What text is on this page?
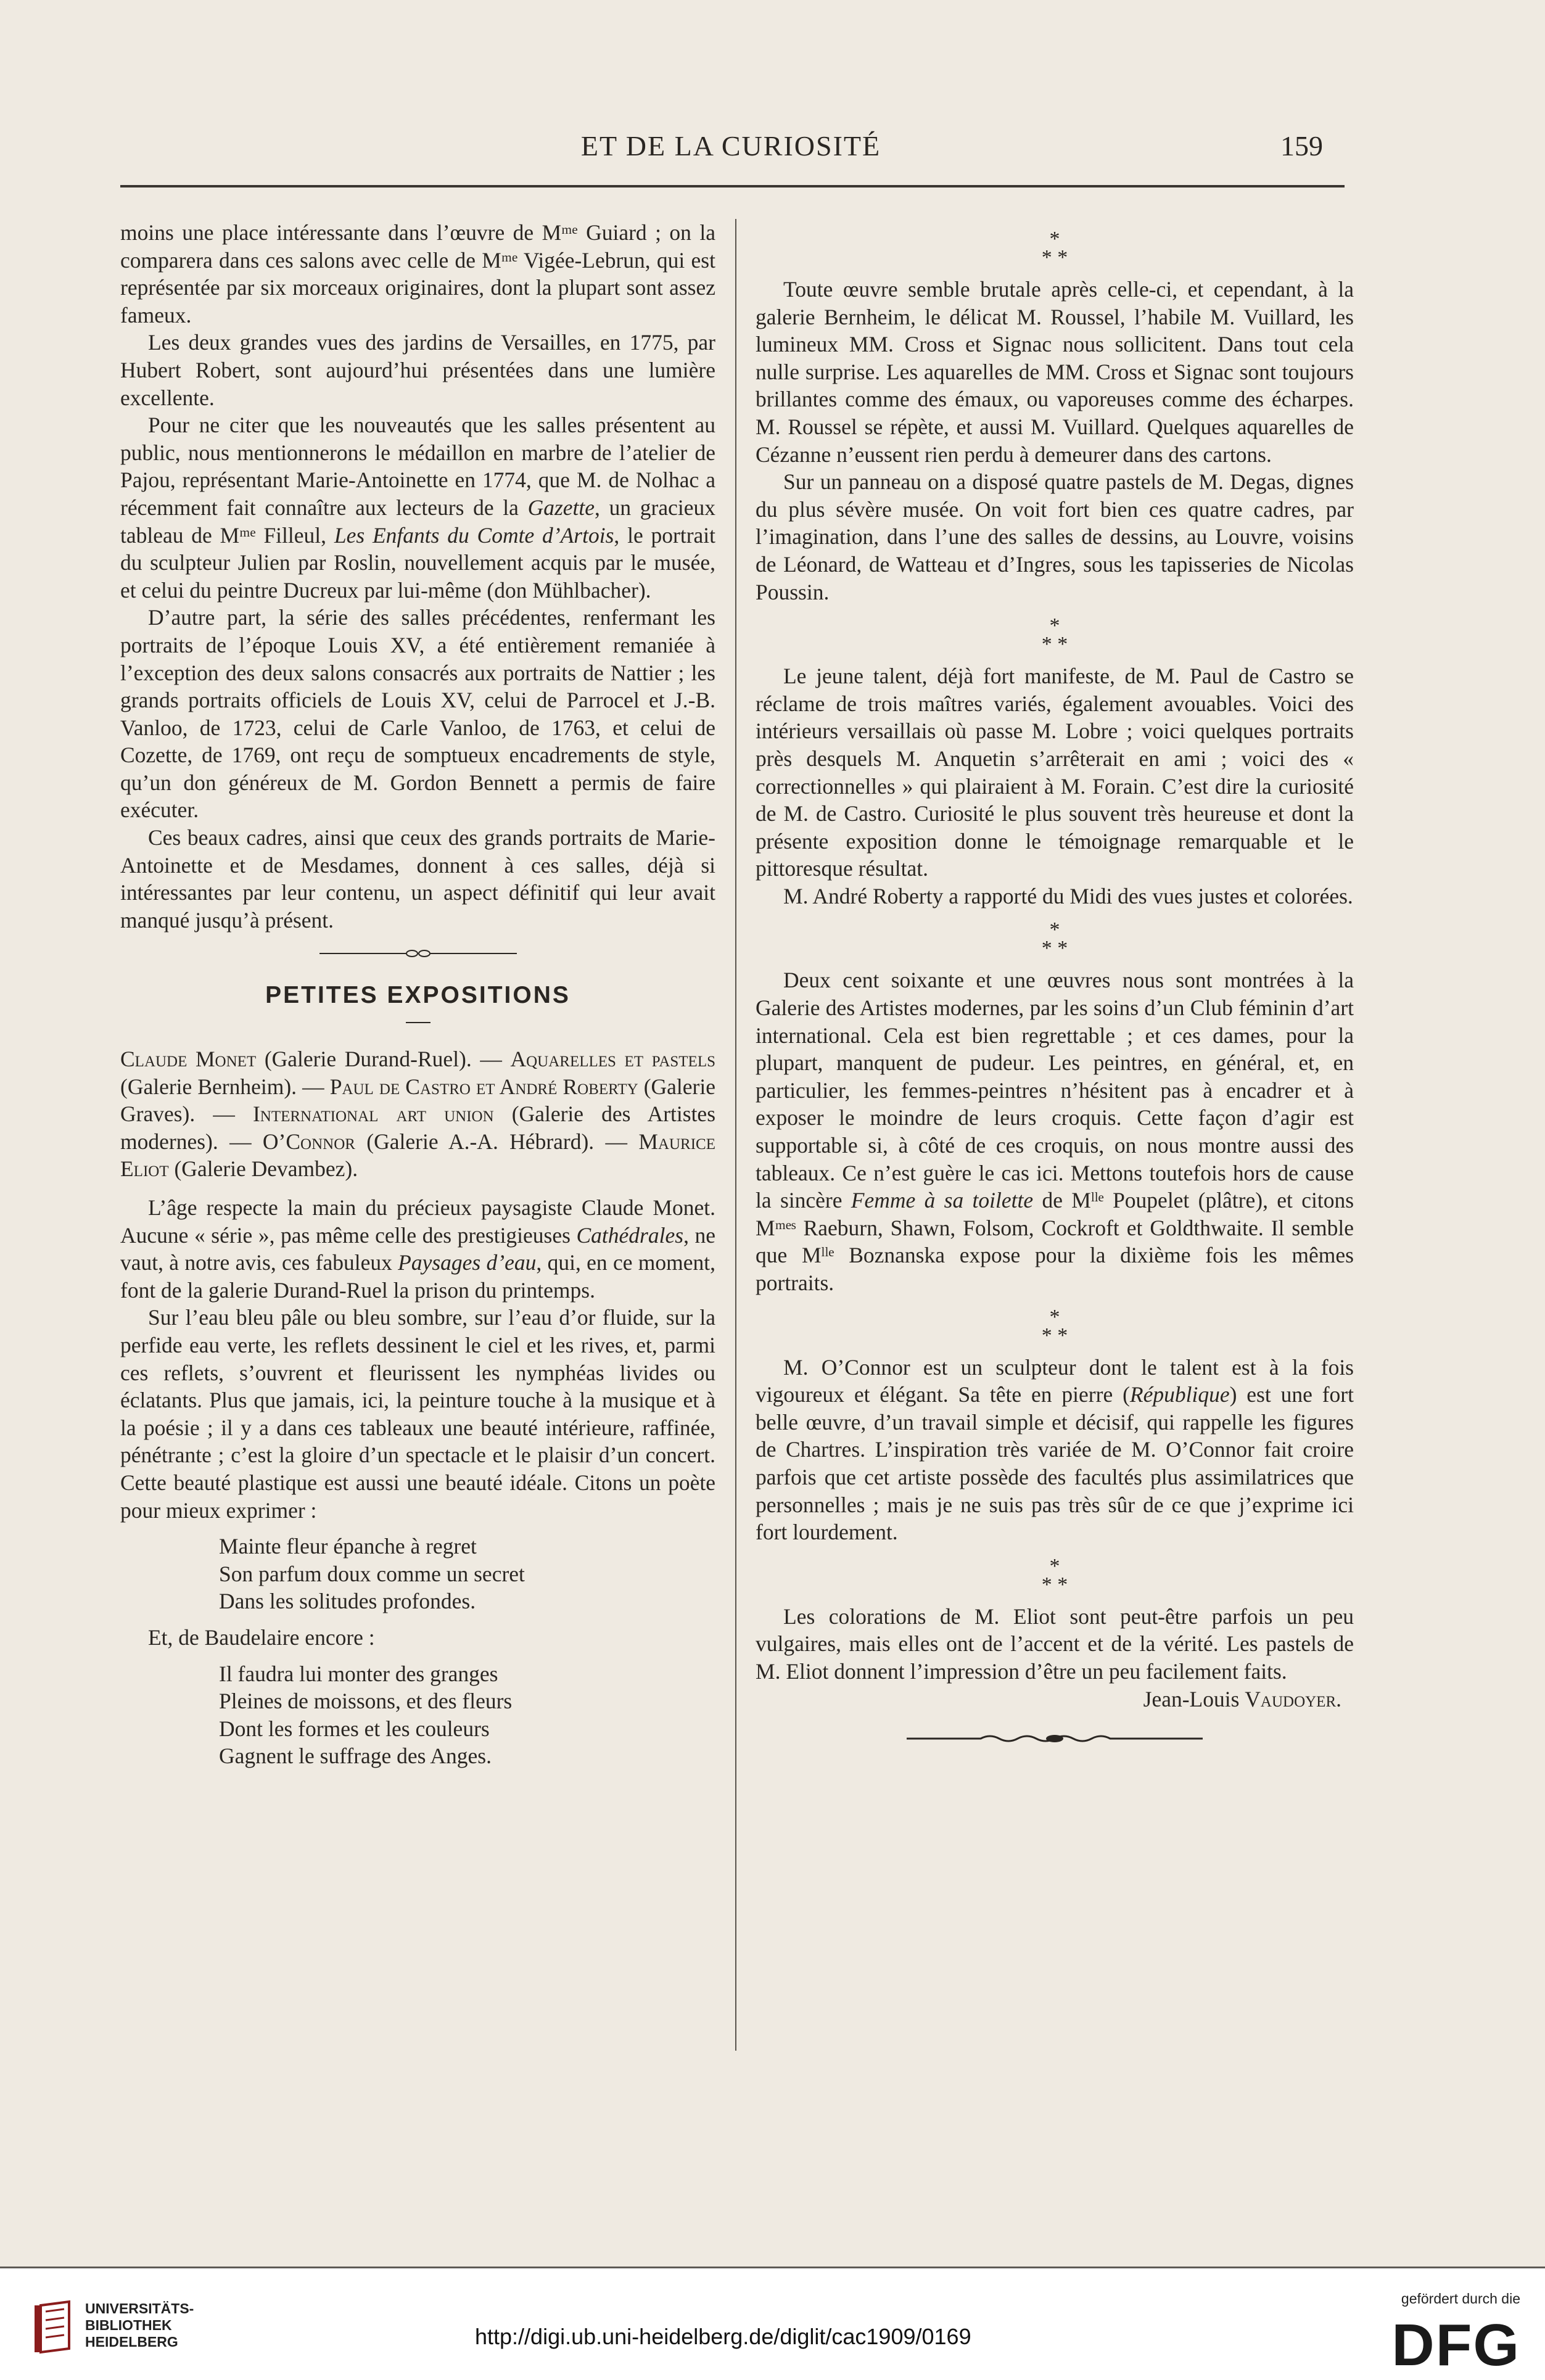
ET DE LA CURIOSITÉ	159

moins une place intéressante dans l’œuvre de Mᵐᵉ Guiard ; on la comparera dans ces salons avec celle de Mᵐᵉ Vigée-Lebrun, qui est représentée par six morceaux originaires, dont la plupart sont assez fameux.

Les deux grandes vues des jardins de Versailles, en 1775, par Hubert Robert, sont aujourd’hui présentées dans une lumière excellente.

Pour ne citer que les nouveautés que les salles présentent au public, nous mentionnerons le médaillon en marbre de l’atelier de Pajou, représentant Marie-Antoinette en 1774, que M. de Nolhac a récemment fait connaître aux lecteurs de la Gazette, un gracieux tableau de Mᵐᵉ Filleul, Les Enfants du Comte d’Artois, le portrait du sculpteur Julien par Roslin, nouvellement acquis par le musée, et celui du peintre Ducreux par lui-même (don Mühlbacher).

D’autre part, la série des salles précédentes, renfermant les portraits de l’époque Louis XV, a été entièrement remaniée à l’exception des deux salons consacrés aux portraits de Nattier ; les grands portraits officiels de Louis XV, celui de Parrocel et J.-B. Vanloo, de 1723, celui de Carle Vanloo, de 1763, et celui de Cozette, de 1769, ont reçu de somptueux encadrements de style, qu’un don généreux de M. Gordon Bennett a permis de faire exécuter.

Ces beaux cadres, ainsi que ceux des grands portraits de Marie-Antoinette et de Mesdames, donnent à ces salles, déjà si intéressantes par leur contenu, un aspect définitif qui leur avait manqué jusqu’à présent.

PETITES EXPOSITIONS

Claude Monet (Galerie Durand-Ruel). — Aquarelles et pastels (Galerie Bernheim). — Paul de Castro et André Roberty (Galerie Graves). — International art union (Galerie des Artistes modernes). — O’Connor (Galerie A.-A. Hébrard). — Maurice Eliot (Galerie Devambez).

L’âge respecte la main du précieux paysagiste Claude Monet. Aucune « série », pas même celle des prestigieuses Cathédrales, ne vaut, à notre avis, ces fabuleux Paysages d’eau, qui, en ce moment, font de la galerie Durand-Ruel la prison du printemps.

Sur l’eau bleu pâle ou bleu sombre, sur l’eau d’or fluide, sur la perfide eau verte, les reflets dessinent le ciel et les rives, et, parmi ces reflets, s’ouvrent et fleurissent les nymphéas livides ou éclatants. Plus que jamais, ici, la peinture touche à la musique et à la poésie ; il y a dans ces tableaux une beauté intérieure, raffinée, pénétrante ; c’est la gloire d’un spectacle et le plaisir d’un concert. Cette beauté plastique est aussi une beauté idéale. Citons un poète pour mieux exprimer :

Mainte fleur épanche à regret
Son parfum doux comme un secret
Dans les solitudes profondes.

Et, de Baudelaire encore :

Il faudra lui monter des granges
Pleines de moissons, et des fleurs
Dont les formes et les couleurs
Gagnent le suffrage des Anges.
*
* *

Toute œuvre semble brutale après celle-ci, et cependant, à la galerie Bernheim, le délicat M. Roussel, l’habile M. Vuillard, les lumineux MM. Cross et Signac nous sollicitent. Dans tout cela nulle surprise. Les aquarelles de MM. Cross et Signac sont toujours brillantes comme des émaux, ou vaporeuses comme des écharpes. M. Roussel se répète, et aussi M. Vuillard. Quelques aquarelles de Cézanne n’eussent rien perdu à demeurer dans des cartons.

Sur un panneau on a disposé quatre pastels de M. Degas, dignes du plus sévère musée. On voit fort bien ces quatre cadres, par l’imagination, dans l’une des salles de dessins, au Louvre, voisins de Léonard, de Watteau et d’Ingres, sous les tapisseries de Nicolas Poussin.

*
* *

Le jeune talent, déjà fort manifeste, de M. Paul de Castro se réclame de trois maîtres variés, également avouables. Voici des intérieurs versaillais où passe M. Lobre ; voici quelques portraits près desquels M. Anquetin s’arrêterait en ami ; voici des « correctionnelles » qui plairaient à M. Forain. C’est dire la curiosité de M. de Castro. Curiosité le plus souvent très heureuse et dont la présente exposition donne le témoignage remarquable et le pittoresque résultat.

M. André Roberty a rapporté du Midi des vues justes et colorées.

*
* *

Deux cent soixante et une œuvres nous sont montrées à la Galerie des Artistes modernes, par les soins d’un Club féminin d’art international. Cela est bien regrettable ; et ces dames, pour la plupart, manquent de pudeur. Les peintres, en général, et, en particulier, les femmes-peintres n’hésitent pas à encadrer et à exposer le moindre de leurs croquis. Cette façon d’agir est supportable si, à côté de ces croquis, on nous montre aussi des tableaux. Ce n’est guère le cas ici. Mettons toutefois hors de cause la sincère Femme à sa toilette de Mˡˡᵉ Poupelet (plâtre), et citons Mᵐᵉˢ Raeburn, Shawn, Folsom, Cockroft et Goldthwaite. Il semble que Mˡˡᵉ Boznanska expose pour la dixième fois les mêmes portraits.

*
* *

M. O’Connor est un sculpteur dont le talent est à la fois vigoureux et élégant. Sa tête en pierre (République) est une fort belle œuvre, d’un travail simple et décisif, qui rappelle les figures de Chartres. L’inspiration très variée de M. O’Connor fait croire parfois que cet artiste possède des facultés plus assimilatrices que personnelles ; mais je ne suis pas très sûr de ce que j’exprime ici fort lourdement.

*
* *

Les colorations de M. Eliot sont peut-être parfois un peu vulgaires, mais elles ont de l’accent et de la vérité. Les pastels de M. Eliot donnent l’impression d’être un peu facilement faits.

Jean-Louis Vaudoyer.

UNIVERSITÄTS-
BIBLIOTHEK
HEIDELBERG	http://digi.ub.uni-heidelberg.de/diglit/cac1909/0169
gefördert durch die
DFG
